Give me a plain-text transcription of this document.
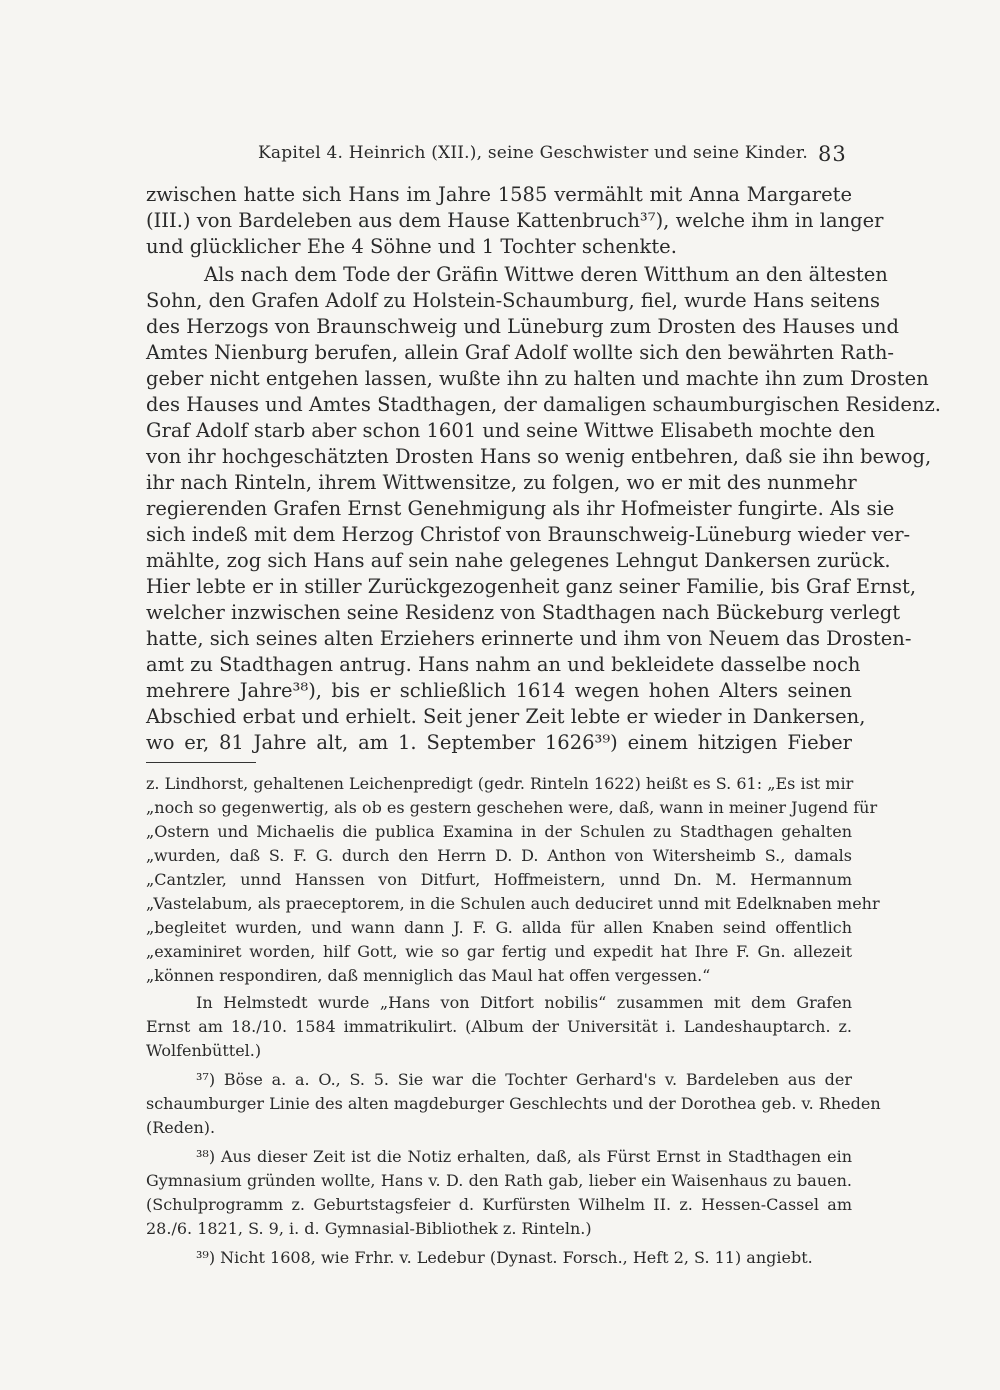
Kapitel 4. Heinrich (XII.), seine Geschwister und seine Kinder. 83
zwischen hatte sich Hans im Jahre 1585 vermählt mit Anna Margarete
(III.) von Bardeleben aus dem Hause Kattenbruch³⁷), welche ihm in langer
und glücklicher Ehe 4 Söhne und 1 Tochter schenkte.
Als nach dem Tode der Gräfin Wittwe deren Witthum an den ältesten
Sohn, den Grafen Adolf zu Holstein-Schaumburg, fiel, wurde Hans seitens
des Herzogs von Braunschweig und Lüneburg zum Drosten des Hauses und
Amtes Nienburg berufen, allein Graf Adolf wollte sich den bewährten Rath-
geber nicht entgehen lassen, wußte ihn zu halten und machte ihn zum Drosten
des Hauses und Amtes Stadthagen, der damaligen schaumburgischen Residenz.
Graf Adolf starb aber schon 1601 und seine Wittwe Elisabeth mochte den
von ihr hochgeschätzten Drosten Hans so wenig entbehren, daß sie ihn bewog,
ihr nach Rinteln, ihrem Wittwensitze, zu folgen, wo er mit des nunmehr
regierenden Grafen Ernst Genehmigung als ihr Hofmeister fungirte. Als sie
sich indeß mit dem Herzog Christof von Braunschweig-Lüneburg wieder ver-
mählte, zog sich Hans auf sein nahe gelegenes Lehngut Dankersen zurück.
Hier lebte er in stiller Zurückgezogenheit ganz seiner Familie, bis Graf Ernst,
welcher inzwischen seine Residenz von Stadthagen nach Bückeburg verlegt
hatte, sich seines alten Erziehers erinnerte und ihm von Neuem das Drosten-
amt zu Stadthagen antrug. Hans nahm an und bekleidete dasselbe noch
mehrere Jahre³⁸), bis er schließlich 1614 wegen hohen Alters seinen
Abschied erbat und erhielt. Seit jener Zeit lebte er wieder in Dankersen,
wo er, 81 Jahre alt, am 1. September 1626³⁹) einem hitzigen Fieber
z. Lindhorst, gehaltenen Leichenpredigt (gedr. Rinteln 1622) heißt es S. 61: „Es ist mir
„noch so gegenwertig, als ob es gestern geschehen were, daß, wann in meiner Jugend für
„Ostern und Michaelis die publica Examina in der Schulen zu Stadthagen gehalten
„wurden, daß S. F. G. durch den Herrn D. D. Anthon von Witersheimb S., damals
„Cantzler, unnd Hanssen von Ditfurt, Hoffmeistern, unnd Dn. M. Hermannum
„Vastelabum, als praeceptorem, in die Schulen auch deduciret unnd mit Edelknaben mehr
„begleitet wurden, und wann dann J. F. G. allda für allen Knaben seind offentlich
„examiniret worden, hilf Gott, wie so gar fertig und expedit hat Ihre F. Gn. allezeit
„können respondiren, daß menniglich das Maul hat offen vergessen.“
In Helmstedt wurde „Hans von Ditfort nobilis“ zusammen mit dem Grafen
Ernst am 18./10. 1584 immatrikulirt. (Album der Universität i. Landeshauptarch. z.
Wolfenbüttel.)
³⁷) Böse a. a. O., S. 5. Sie war die Tochter Gerhard's v. Bardeleben aus der
schaumburger Linie des alten magdeburger Geschlechts und der Dorothea geb. v. Rheden
(Reden).
³⁸) Aus dieser Zeit ist die Notiz erhalten, daß, als Fürst Ernst in Stadthagen ein
Gymnasium gründen wollte, Hans v. D. den Rath gab, lieber ein Waisenhaus zu bauen.
(Schulprogramm z. Geburtstagsfeier d. Kurfürsten Wilhelm II. z. Hessen-Cassel am
28./6. 1821, S. 9, i. d. Gymnasial-Bibliothek z. Rinteln.)
³⁹) Nicht 1608, wie Frhr. v. Ledebur (Dynast. Forsch., Heft 2, S. 11) angiebt.
